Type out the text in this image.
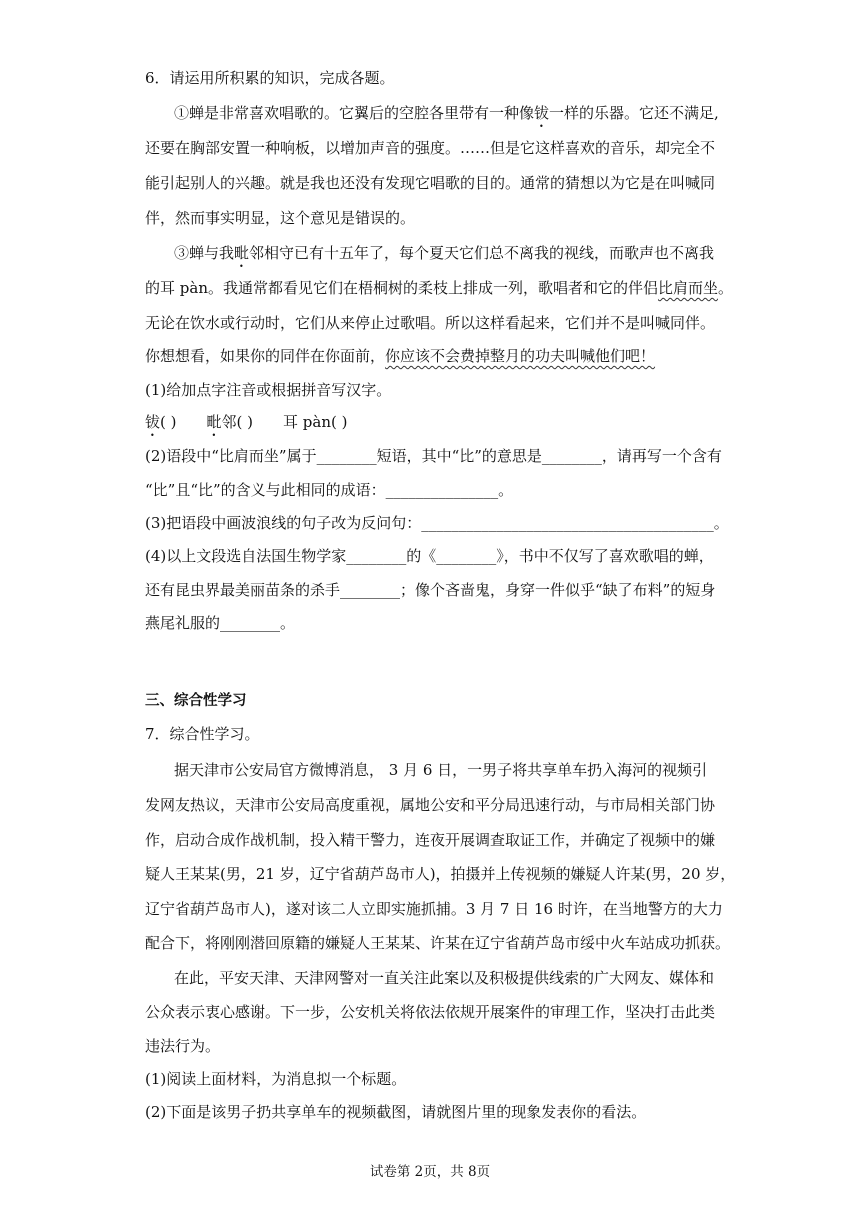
6．请运用所积累的知识，完成各题。
①蝉是非常喜欢唱歌的。它翼后的空腔各里带有一种像钹一样的乐器。它还不满足,
还要在胸部安置一种响板，以增加声音的强度。……但是它这样喜欢的音乐，却完全不
能引起别人的兴趣。就是我也还没有发现它唱歌的目的。通常的猜想以为它是在叫喊同
伴，然而事实明显，这个意见是错误的。
③蝉与我毗邻相守已有十五年了，每个夏天它们总不离我的视线，而歌声也不离我
的耳 pàn。我通常都看见它们在梧桐树的柔枝上排成一列，歌唱者和它的伴侣比肩而坐。
无论在饮水或行动时，它们从来停止过歌唱。所以这样看起来，它们并不是叫喊同伴。
你想想看，如果你的同伴在你面前，你应该不会费掉整月的功夫叫喊他们吧！
(1)给加点字注音或根据拼音写汉字。
钹( ) 毗邻( ) 耳 pàn( )
(2)语段中“比肩而坐”属于________短语，其中“比”的意思是________，请再写一个含有
“比”且“比”的含义与此相同的成语：_______________。
(3)把语段中画波浪线的句子改为反问句：_______________________________________。
(4)以上文段选自法国生物学家________的《________》，书中不仅写了喜欢歌唱的蝉，
还有昆虫界最美丽苗条的杀手________；像个吝啬鬼，身穿一件似乎“缺了布料”的短身
燕尾礼服的________。
三、综合性学习
7．综合性学习。
据天津市公安局官方微博消息， 3 月 6 日，一男子将共享单车扔入海河的视频引
发网友热议，天津市公安局高度重视，属地公安和平分局迅速行动，与市局相关部门协
作，启动合成作战机制，投入精干警力，连夜开展调查取证工作，并确定了视频中的嫌
疑人王某某(男，21 岁，辽宁省葫芦岛市人)，拍摄并上传视频的嫌疑人许某(男，20 岁，
辽宁省葫芦岛市人)，遂对该二人立即实施抓捕。3 月 7 日 16 时许，在当地警方的大力
配合下，将刚刚潜回原籍的嫌疑人王某某、许某在辽宁省葫芦岛市绥中火车站成功抓获。
在此，平安天津、天津网警对一直关注此案以及积极提供线索的广大网友、媒体和
公众表示衷心感谢。下一步，公安机关将依法依规开展案件的审理工作，坚决打击此类
违法行为。
(1)阅读上面材料，为消息拟一个标题。
(2)下面是该男子扔共享单车的视频截图，请就图片里的现象发表你的看法。
试卷第 2页，共 8页
